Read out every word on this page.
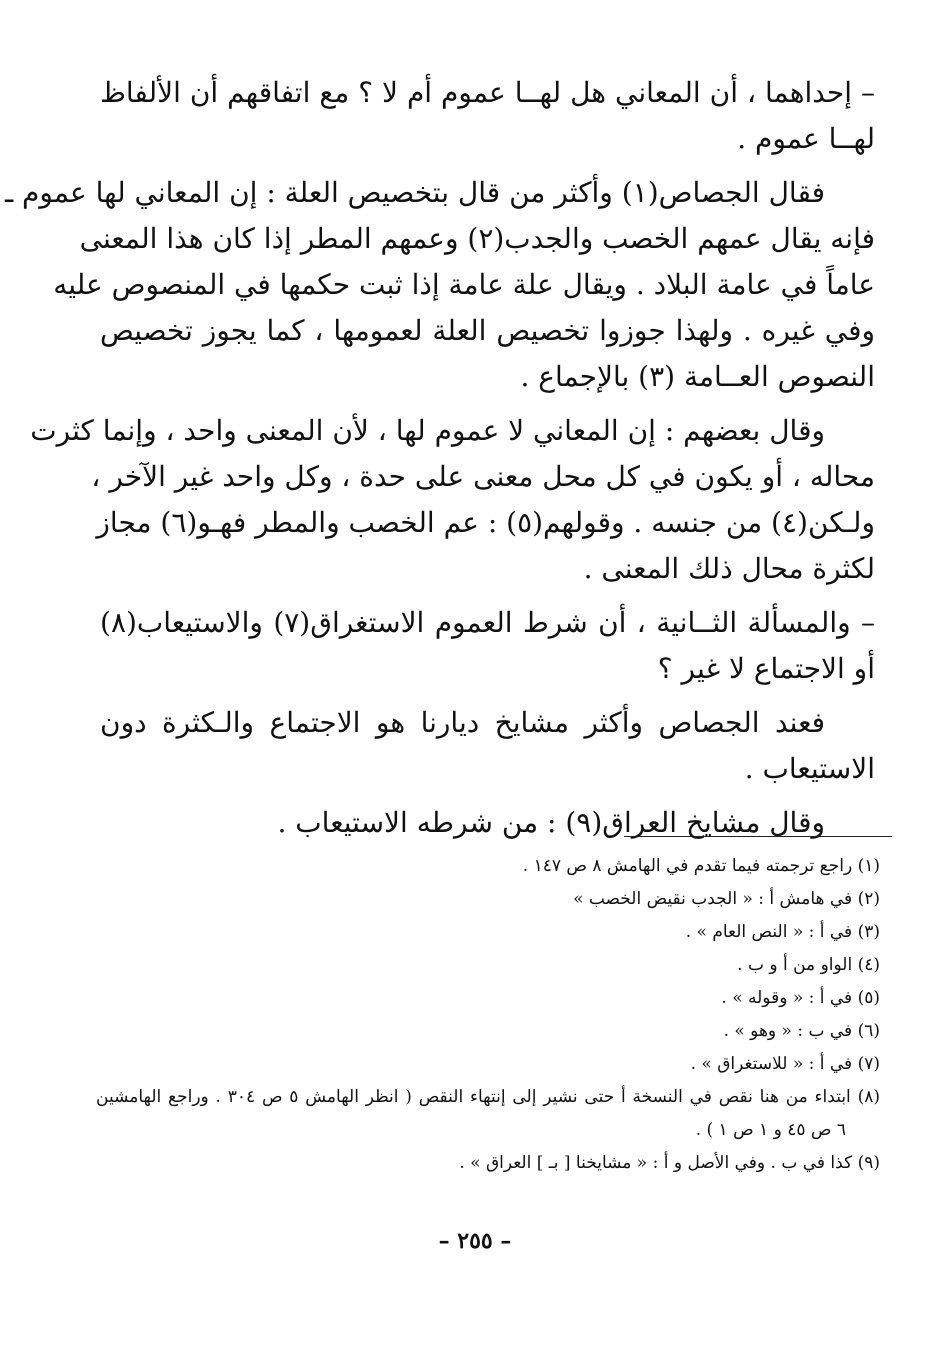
– إحداهما ، أن المعاني هل لهــا عموم أم لا ؟ مع اتفاقهم أن الألفاظ
لهــا عموم .
فقال الجصاص(١) وأكثر من قال بتخصيص العلة : إن المعاني لها عموم ـ
فإنه يقال عمهم الخصب والجدب(٢) وعمهم المطر إذا كان هذا المعنى
عاماً في عامة البلاد . ويقال علة عامة إذا ثبت حكمها في المنصوص عليه
وفي غيره . ولهذا جوزوا تخصيص العلة لعمومها ، كما يجوز تخصيص
النصوص العــامة (٣) بالإجماع .
وقال بعضهم : إن المعاني لا عموم لها ، لأن المعنى واحد ، وإنما كثرت
محاله ، أو يكون في كل محل معنى على حدة ، وكل واحد غير الآخر ،
ولـكن(٤) من جنسه . وقولهم(٥) : عم الخصب والمطر فهـو(٦) مجاز
لكثرة محال ذلك المعنى .
– والمسألة الثــانية ، أن شرط العموم الاستغراق(٧) والاستيعاب(٨)
أو الاجتماع لا غير ؟
فعند الجصاص وأكثر مشايخ ديارنا هو الاجتماع والـكثرة دون
الاستيعاب .
وقال مشايخ العراق(٩) : من شرطه الاستيعاب .
(١) راجع ترجمته فيما تقدم في الهامش ٨ ص ١٤٧ .
(٢) في هامش أ : « الجدب نقيض الخصب »
(٣) في أ : « النص العام » .
(٤) الواو من أ و ب .
(٥) في أ : « وقوله » .
(٦) في ب : « وهو » .
(٧) في أ : « للاستغراق » .
(٨) ابتداء من هنا نقص في النسخة أ حتى نشير إلى إنتهاء النقص ( انظر الهامش ٥ ص ٣٠٤ . وراجع الهامشين
٦ ص ٤٥ و ١ ص ١ ) .
(٩) كذا في ب . وفي الأصل و أ : « مشايخنا [ بـ ] العراق » .
– ٢٥٥ –
